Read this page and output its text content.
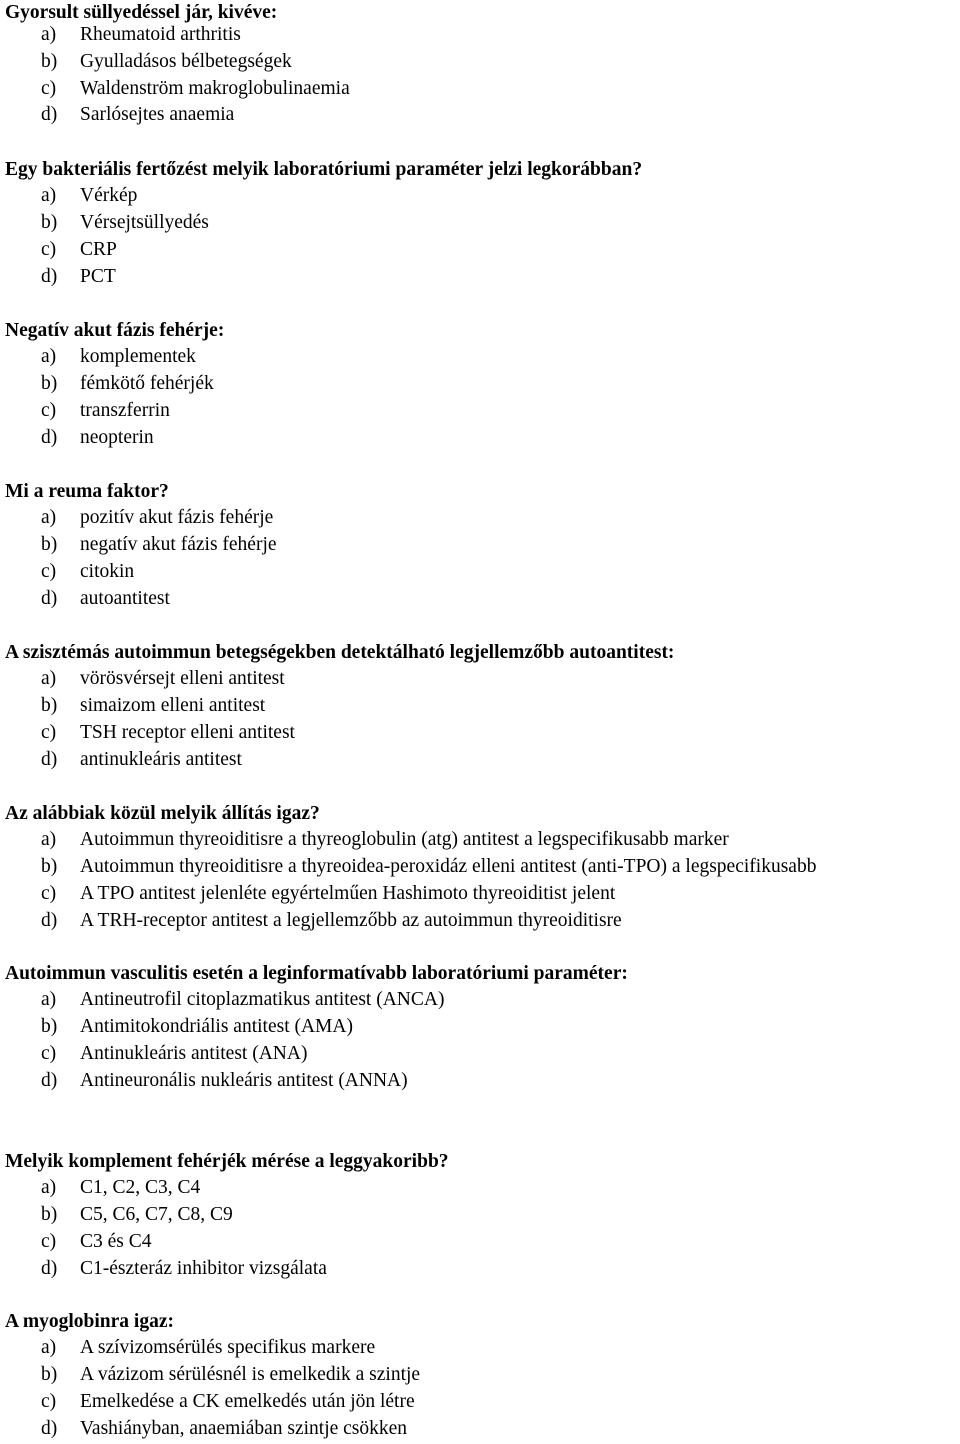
Gyorsult süllyedéssel jár, kivéve:
a) Rheumatoid arthritis
b) Gyulladásos bélbetegségek
c) Waldenström makroglobulinaemia
d) Sarlósejtes anaemia
Egy bakteriális fertőzést melyik laboratóriumi paraméter jelzi legkorábban?
a) Vérkép
b) Vérsejtsüllyedés
c) CRP
d) PCT
Negatív akut fázis fehérje:
a) komplementek
b) fémkötő fehérjék
c) transzferrin
d) neopterin
Mi a reuma faktor?
a) pozitív akut fázis fehérje
b) negatív akut fázis fehérje
c) citokin
d) autoantitest
A szisztémás autoimmun betegségekben detektálható legjellemzőbb autoantitest:
a) vörösvérsejt elleni antitest
b) simaizom elleni antitest
c) TSH receptor elleni antitest
d) antinukleáris antitest
Az alábbiak közül melyik állítás igaz?
a) Autoimmun thyreoiditisre a thyreoglobulin (atg) antitest a legspecifikusabb marker
b) Autoimmun thyreoiditisre a thyreoidea-peroxidáz elleni antitest (anti-TPO) a legspecifikusabb
c) A TPO antitest jelenléte egyértelműen Hashimoto thyreoiditist jelent
d) A TRH-receptor antitest a legjellemzőbb az autoimmun thyreoiditisre
Autoimmun vasculitis esetén a leginformatívabb laboratóriumi paraméter:
a) Antineutrofil citoplazmatikus antitest (ANCA)
b) Antimitokondriális antitest (AMA)
c) Antinukleáris antitest (ANA)
d) Antineuronális nukleáris antitest (ANNA)
Melyik komplement fehérjék mérése a leggyakoribb?
a) C1, C2, C3, C4
b) C5, C6, C7, C8, C9
c) C3 és C4
d) C1-észteráz inhibitor vizsgálata
A myoglobinra igaz:
a) A szívizomsérülés specifikus markere
b) A vázizom sérülésnél is emelkedik a szintje
c) Emelkedése a CK emelkedés után jön létre
d) Vashiányban, anaemiában szintje csökken
